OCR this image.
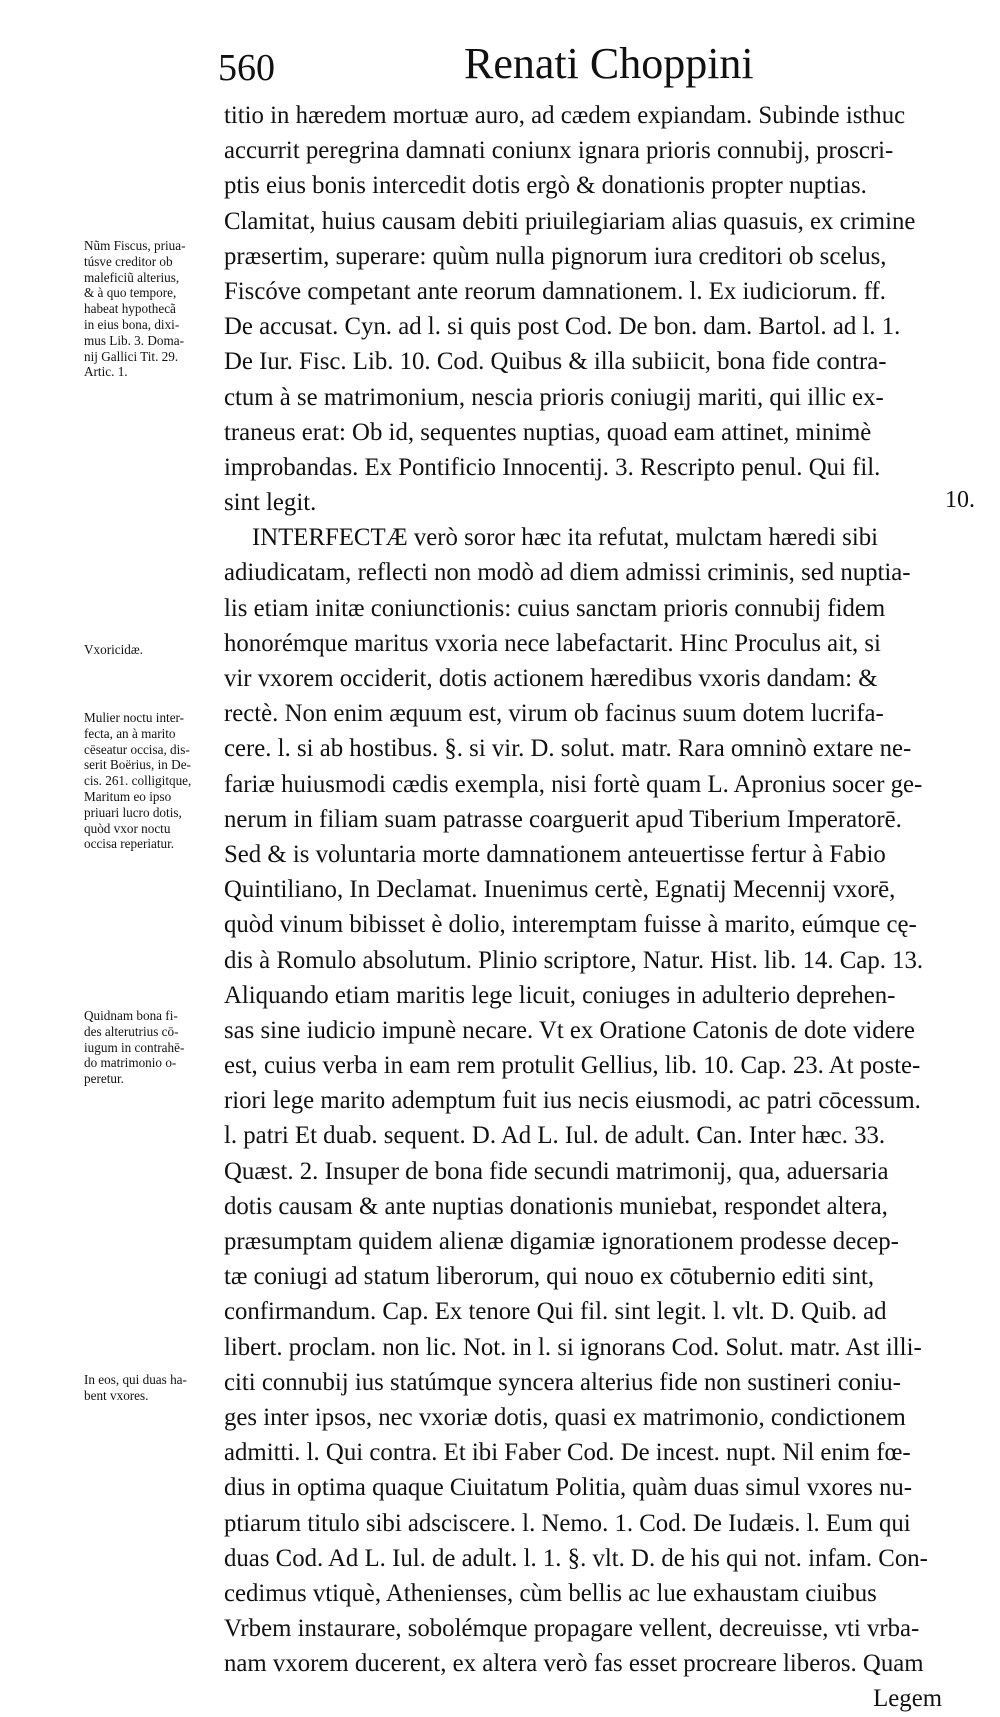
560	Renati Choppini
10.
Nũm Fiscus, priua-
túsve creditor ob
maleficiũ alterius,
& à quo tempore,
habeat hypothecã
in eius bona, dixi-
mus Lib. 3. Doma-
nij Gallici Tit. 29.
Artic. 1.
Vxoricidæ.
Mulier noctu inter-
fecta, an à marito
cēseatur occisa, dis-
serit Boërius, in De-
cis. 261. colligitque,
Maritum eo ipso
priuari lucro dotis,
quòd vxor noctu
occisa reperiatur.
Quidnam bona fi-
des alterutrius cō-
iugum in contrahē-
do matrimonio o-
peretur.
In eos, qui duas ha-
bent vxores.
titio in hæredem mortuæ auro, ad cædem expiandam. Subinde isthuc
accurrit peregrina damnati coniunx ignara prioris connubij, proscri-
ptis eius bonis intercedit dotis ergò & donationis propter nuptias.
Clamitat, huius causam debiti priuilegiariam alias quasuis, ex crimine
præsertim, superare: quùm nulla pignorum iura creditori ob scelus,
Fiscóve competant ante reorum damnationem. l. Ex iudiciorum. ff.
De accusat. Cyn. ad l. si quis post Cod. De bon. dam. Bartol. ad l. 1.
De Iur. Fisc. Lib. 10. Cod. Quibus & illa subiicit, bona fide contra-
ctum à se matrimonium, nescia prioris coniugij mariti, qui illic ex-
traneus erat: Ob id, sequentes nuptias, quoad eam attinet, minimè
improbandas. Ex Pontificio Innocentij. 3. Rescripto penul. Qui fil.
sint legit.
INTERFECTÆ verò soror hæc ita refutat, mulctam hæredi sibi
adiudicatam, reflecti non modò ad diem admissi criminis, sed nuptia-
lis etiam initæ coniunctionis: cuius sanctam prioris connubij fidem
honorémque maritus vxoria nece labefactarit. Hinc Proculus ait, si
vir vxorem occiderit, dotis actionem hæredibus vxoris dandam: &
rectè. Non enim æquum est, virum ob facinus suum dotem lucrifa-
cere. l. si ab hostibus. §. si vir. D. solut. matr. Rara omninò extare ne-
fariæ huiusmodi cædis exempla, nisi fortè quam L. Apronius socer ge-
nerum in filiam suam patrasse coarguerit apud Tiberium Imperatorē.
Sed & is voluntaria morte damnationem anteuertisse fertur à Fabio
Quintiliano, In Declamat. Inuenimus certè, Egnatij Mecennij vxorē,
quòd vinum bibisset è dolio, interemptam fuisse à marito, eúmque cę-
dis à Romulo absolutum. Plinio scriptore, Natur. Hist. lib. 14. Cap. 13.
Aliquando etiam maritis lege licuit, coniuges in adulterio deprehen-
sas sine iudicio impunè necare. Vt ex Oratione Catonis de dote videre
est, cuius verba in eam rem protulit Gellius, lib. 10. Cap. 23. At poste-
riori lege marito ademptum fuit ius necis eiusmodi, ac patri cōcessum.
l. patri Et duab. sequent. D. Ad L. Iul. de adult. Can. Inter hæc. 33.
Quæst. 2. Insuper de bona fide secundi matrimonij, qua, aduersaria
dotis causam & ante nuptias donationis muniebat, respondet altera,
præsumptam quidem alienæ digamiæ ignorationem prodesse decep-
tæ coniugi ad statum liberorum, qui nouo ex cōtubernio editi sint,
confirmandum. Cap. Ex tenore Qui fil. sint legit. l. vlt. D. Quib. ad
libert. proclam. non lic. Not. in l. si ignorans Cod. Solut. matr. Ast illi-
citi connubij ius statúmque syncera alterius fide non sustineri coniu-
ges inter ipsos, nec vxoriæ dotis, quasi ex matrimonio, condictionem
admitti. l. Qui contra. Et ibi Faber Cod. De incest. nupt. Nil enim fœ-
dius in optima quaque Ciuitatum Politia, quàm duas simul vxores nu-
ptiarum titulo sibi adsciscere. l. Nemo. 1. Cod. De Iudæis. l. Eum qui
duas Cod. Ad L. Iul. de adult. l. 1. §. vlt. D. de his qui not. infam. Con-
cedimus vtiquè, Athenienses, cùm bellis ac lue exhaustam ciuibus
Vrbem instaurare, sobolémque propagare vellent, decreuisse, vti vrba-
nam vxorem ducerent, ex altera verò fas esset procreare liberos. Quam
Legem
